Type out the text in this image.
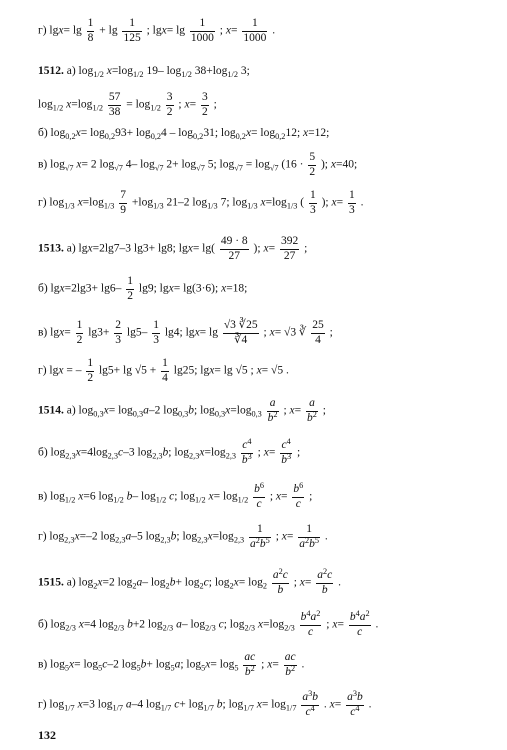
г) $\lg x= \lg \frac{1}{8} + \lg \frac{1}{125}$ ; $\lg x= \lg \frac{1}{1000}$ ; $x= \frac{1}{1000}$ .
1512. а) $\log_{1/2} x=\log_{1/2}$ 19– $\log_{1/2} 38+\log_{1/2}$ 3;
$\log_{1/2} x=\log_{1/2} \frac{57}{38} = \log_{1/2} \frac{3}{2}$ ; $x= \frac{3}{2}$ ;
б) $\log_{0,2}x= \log_{0,2}93+ \log_{0,2}4 - \log_{0,2}31$; $\log_{0,2}x= \log_{0,2}12$; x=12;
в) $\log_{√7} x= 2$ $\log_{√7} 4-$ $\log_{√7} 2+ \log_{√7} 5$; $\log_{√7} = \log_{√7} (16 \cdot \frac{5}{2}$ ); x=40;
г) $\log_{1/3} x=\log_{1/3} \frac{7}{9} +\log_{1/3}$ 21–2 $\log_{1/3} 7$; $\log_{1/3} x=\log_{1/3}$ ( $\frac{1}{3}$ ); $x= \frac{1}{3}$ .
1513. а) lgx=2lg7–3 lg3+ lg8; $\lg x= \lg( \frac{49 \cdot 8}{27}$ ); $x= \frac{392}{27}$ ;
б) $\lg x=2\lg 3+ \lg 6- \frac{1}{2} \lg 9$; lgx= lg(3·6); x=18;
в) $\lg x= \frac{1}{2} \lg 3+ \frac{2}{3} \lg 5- \frac{1}{3} \lg 4$; $\lg x= \lg \frac{√3 ∛25}{∛4}$ ; x= √3 ∛ $\frac{25}{4}$ ;
г) lgx = – $\frac{1}{2} \lg 5+ \lg √5 + \frac{1}{4} \lg 25$; lgx= lg √5 ; x= √5 .
1514. а) $\log_{0,3}x= \log_{0,3}a-2$ $\log_{0,3}b$; $\log_{0,3}x=\log_{0,3} \frac{a}{b^2}$ ; $x= \frac{a}{b^2}$ ;
б) $\log_{2,3}x=4\log_{2,3}c-3$ $\log_{2,3}b$; $\log_{2,3}x=\log_{2,3} \frac{c^4}{b^3}$ ; $x= \frac{c^4}{b^3}$ ;
в) $\log_{1/2} x=6$ $\log_{1/2} b-$ $\log_{1/2} c$; $\log_{1/2} x= \log_{1/2} \frac{b^6}{c}$ ; $x= \frac{b^6}{c}$ ;
г) $\log_{2,3}x=-2$ $\log_{2,3}a-5$ $\log_{2,3}b$; $\log_{2,3}x=\log_{2,3} \frac{1}{a^2b^5}$ ; $x= \frac{1}{a^2b^5}$ .
1515. а) $\log_2x=2$ $\log_2a-$ $\log_2b+ \log_2c$; $\log_2x= \log_2 \frac{a^2c}{b}$ ; $x= \frac{a^2c}{b}$ .
б) $\log_{2/3} x=4$ $\log_{2/3} b+2$ $\log_{2/3} a-$ $\log_{2/3} c$; $\log_{2/3} x=\log_{2/3} \frac{b^4a^2}{c}$ ; $x= \frac{b^4a^2}{c}$ .
в) $\log_5x= \log_5c-2$ $\log_5b+ \log_5a$; $\log_5x= \log_5 \frac{ac}{b^2}$ ; $x= \frac{ac}{b^2}$ .
г) $\log_{1/7} x=3$ $\log_{1/7} a-4$ $\log_{1/7} c+ \log_{1/7} b$; $\log_{1/7} x= \log_{1/7} \frac{a^3b}{c^4}$ . $x= \frac{a^3b}{c^4}$ .
132
